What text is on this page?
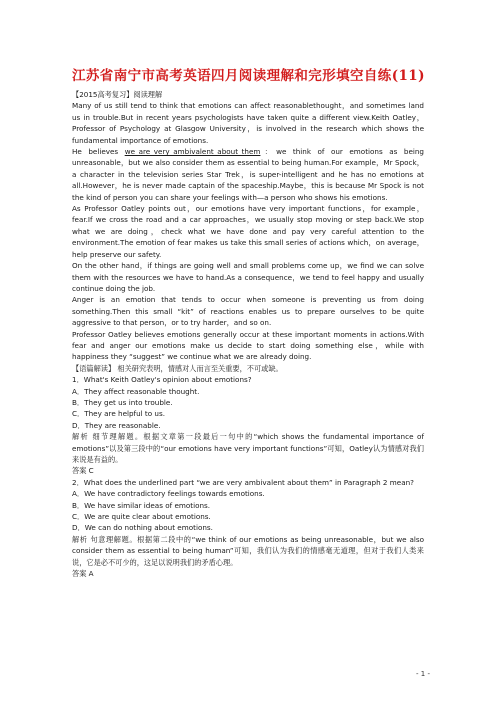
江苏省南宁市高考英语四月阅读理解和完形填空自练(11)

【2015高考复习】阅读理解

Many of us still tend to think that emotions can affect reasonablethought，and sometimes land us in trouble.But in recent years psychologists have taken quite a different view.Keith Oatley，Professor of Psychology at Glasgow University，is involved in the research which shows the fundamental importance of emotions.

He believes we_are_very_ambivalent_about_them：we think of our emotions as being unreasonable，but we also consider them as essential to being human.For example，Mr Spock，a character in the television series Star Trek，is super-intelligent and he has no emotions at all.However，he is never made captain of the spaceship.Maybe，this is because Mr Spock is not the kind of person you can share your feelings with—a person who shows his emotions.

As Professor Oatley points out，our emotions have very important functions，for example，fear.If we cross the road and a car approaches，we usually stop moving or step back.We stop what we are doing，check what we have done and pay very careful attention to the environment.The emotion of fear makes us take this small series of actions which，on average，help preserve our safety.

On the other hand，if things are going well and small problems come up，we find we can solve them with the resources we have to hand.As a consequence，we tend to feel happy and usually continue doing the job.

Anger is an emotion that tends to occur when someone is preventing us from doing something.Then this small “kit” of reactions enables us to prepare ourselves to be quite aggressive to that person，or to try harder，and so on.

Professor Oatley believes emotions generally occur at these important moments in actions.With fear and anger our emotions make us decide to start doing something else，while with happiness they “suggest” we continue what we are already doing.

【语篇解读】 相关研究表明，情感对人而言至关重要，不可或缺。

1．What's Keith Oatley's opinion about emotions?

A．They affect reasonable thought.

B．They get us into trouble.

C．They are helpful to us.

D．They are reasonable.

解析 细节理解题。根据文章第一段最后一句中的“which shows the fundamental importance of emotions”以及第三段中的“our emotions have very important functions”可知，Oatley认为情感对我们来说是有益的。

答案 C

2．What does the underlined part “we are very ambivalent about them” in Paragraph 2 mean?

A．We have contradictory feelings towards emotions.

B．We have similar ideas of emotions.

C．We are quite clear about emotions.

D．We can do nothing about emotions.

解析 句意理解题。根据第二段中的“we think of our emotions as being unreasonable，but we also consider them as essential to being human”可知，我们认为我们的情感毫无道理，但对于我们人类来说，它是必不可少的，这足以说明我们的矛盾心理。

答案 A

- 1 -
